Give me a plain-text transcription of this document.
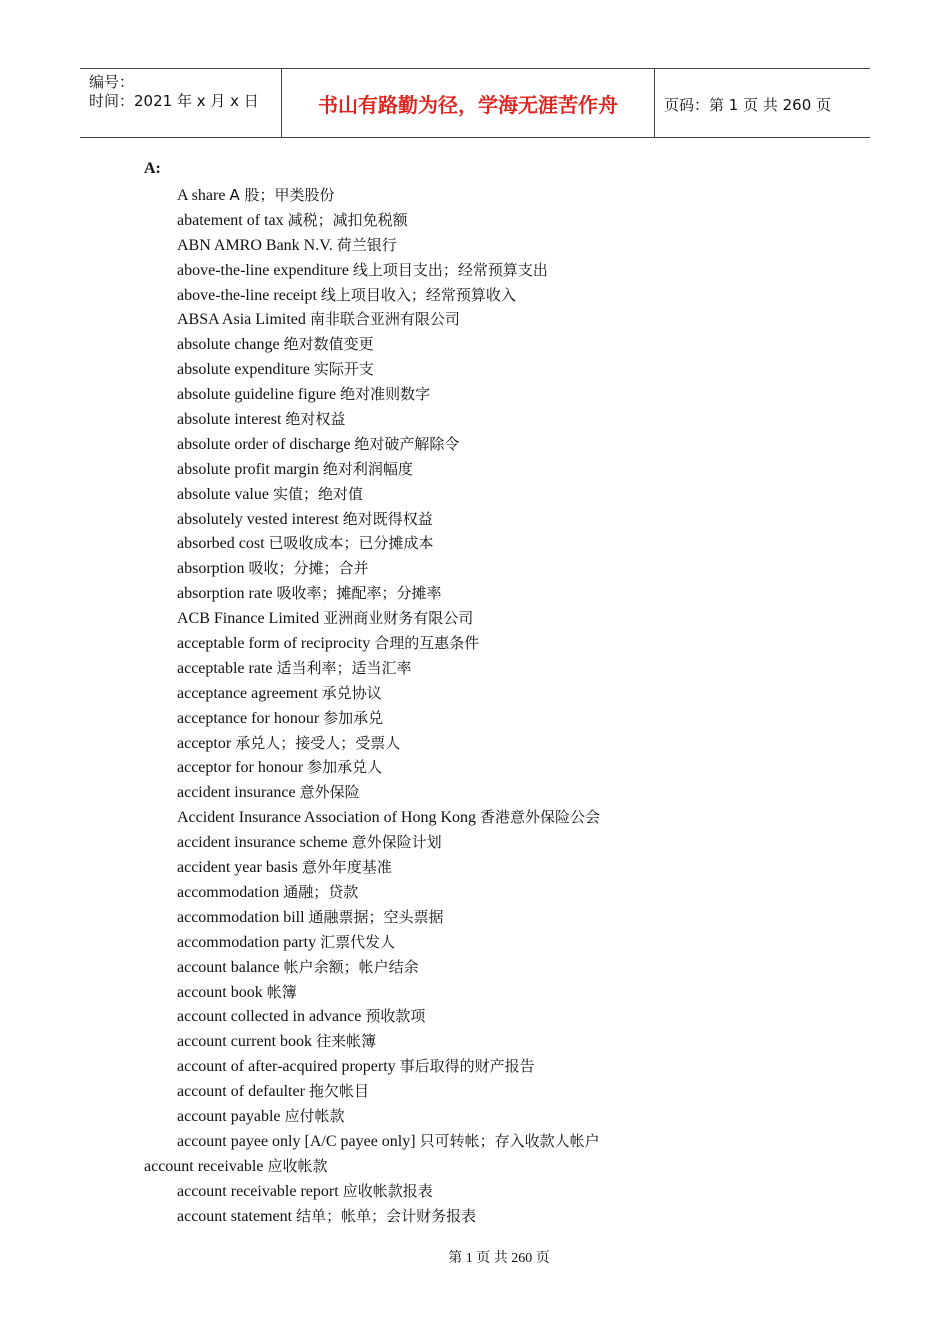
编号：
时间：2021 年 x 月 x 日	书山有路勤为径，学海无涯苦作舟	页码：第 1 页 共 260 页
A:
A share A 股；甲类股份
abatement of tax 减税；减扣免税额
ABN AMRO Bank N.V. 荷兰银行
above-the-line expenditure 线上项目支出；经常预算支出
above-the-line receipt 线上项目收入；经常预算收入
ABSA Asia Limited 南非联合亚洲有限公司
absolute change 绝对数值变更
absolute expenditure 实际开支
absolute guideline figure 绝对准则数字
absolute interest 绝对权益
absolute order of discharge 绝对破产解除令
absolute profit margin 绝对利润幅度
absolute value 实值；绝对值
absolutely vested interest 绝对既得权益
absorbed cost 已吸收成本；已分摊成本
absorption 吸收；分摊；合并
absorption rate 吸收率；摊配率；分摊率
ACB Finance Limited 亚洲商业财务有限公司
acceptable form of reciprocity 合理的互惠条件
acceptable rate 适当利率；适当汇率
acceptance agreement 承兑协议
acceptance for honour 参加承兑
acceptor 承兑人；接受人；受票人
acceptor for honour 参加承兑人
accident insurance 意外保险
Accident Insurance Association of Hong Kong 香港意外保险公会
accident insurance scheme 意外保险计划
accident year basis 意外年度基准
accommodation 通融；贷款
accommodation bill 通融票据；空头票据
accommodation party 汇票代发人
account balance 帐户余额；帐户结余
account book 帐簿
account collected in advance 预收款项
account current book 往来帐簿
account of after-acquired property 事后取得的财产报告
account of defaulter 拖欠帐目
account payable 应付帐款
account payee only [A/C payee only] 只可转帐；存入收款人帐户
account receivable 应收帐款
account receivable report 应收帐款报表
account statement 结单；帐单；会计财务报表
第 1 页 共 260 页
